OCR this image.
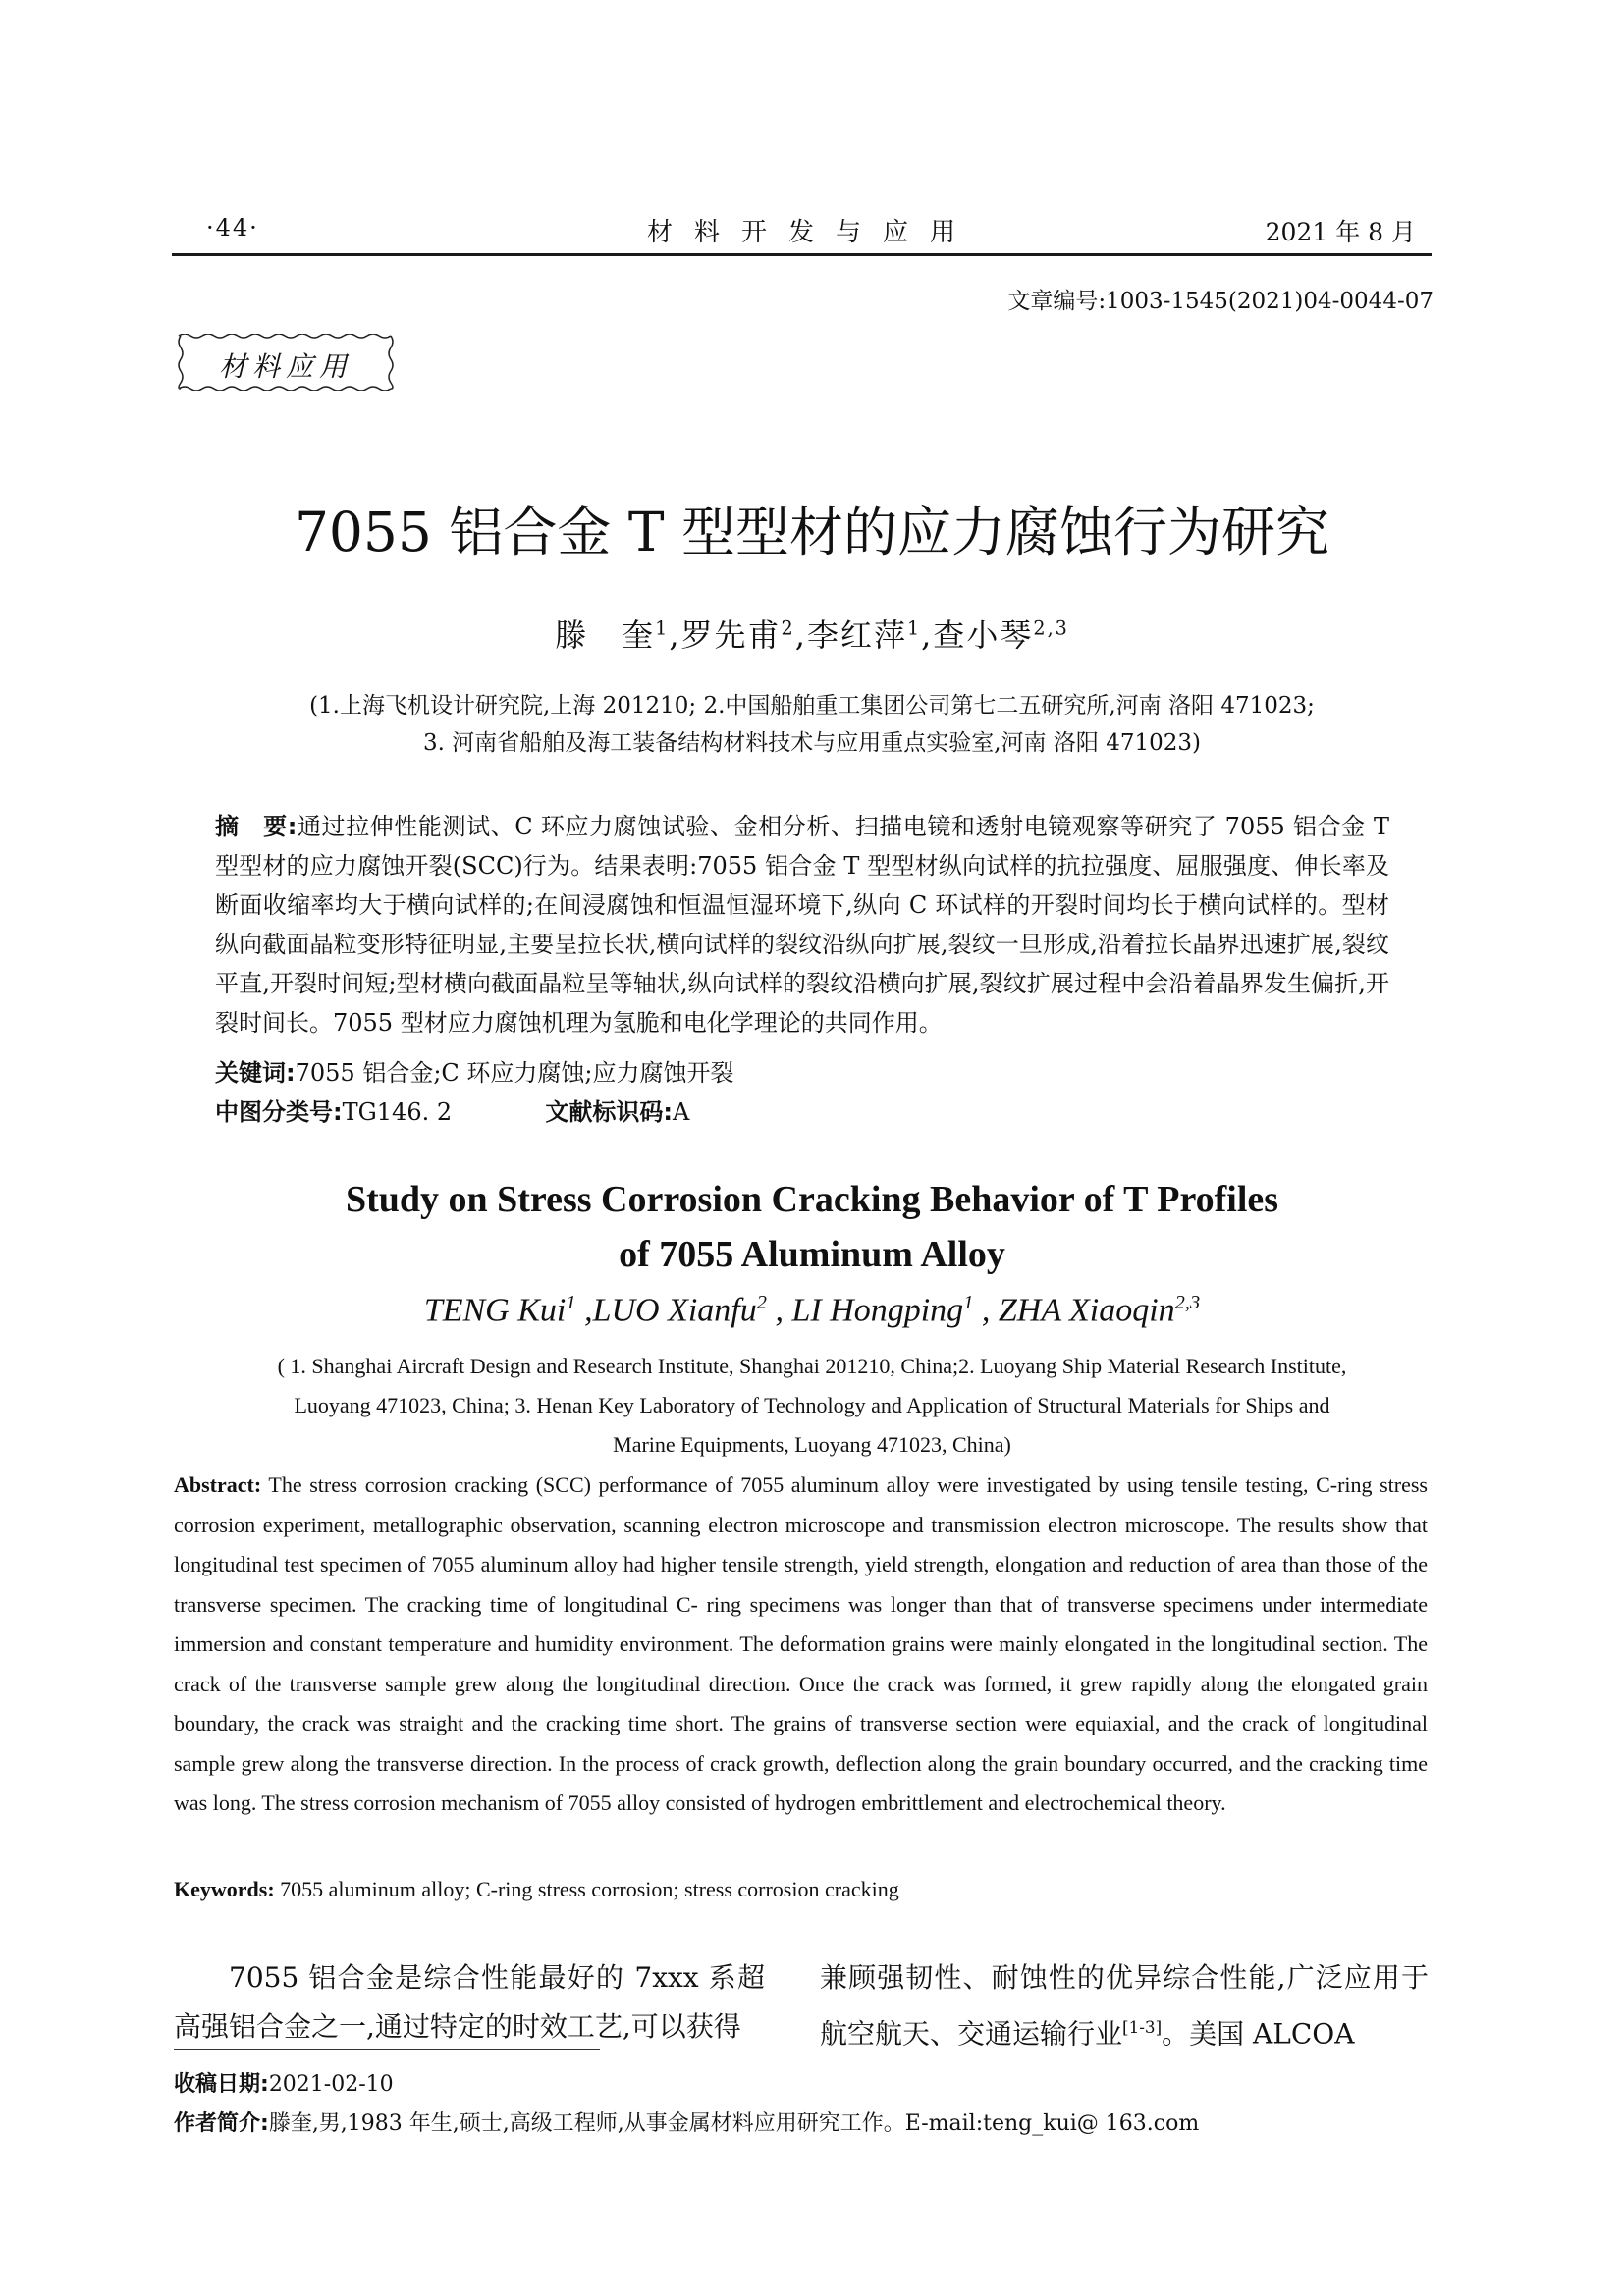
·44·	材料开发与应用	2021 年 8 月
文章编号:1003-1545(2021)04-0044-07
材料应用
7055 铝合金 T 型型材的应力腐蚀行为研究
滕　奎$^1$,罗先甫$^2$,李红萍$^1$,查小琴$^{2,3}$
(1.上海飞机设计研究院,上海 201210; 2.中国船舶重工集团公司第七二五研究所,河南 洛阳 471023;
3. 河南省船舶及海工装备结构材料技术与应用重点实验室,河南 洛阳 471023)
摘　要:通过拉伸性能测试、C 环应力腐蚀试验、金相分析、扫描电镜和透射电镜观察等研究了 7055 铝合金 T 型型材的应力腐蚀开裂(SCC)行为。结果表明:7055 铝合金 T 型型材纵向试样的抗拉强度、屈服强度、伸长率及断面收缩率均大于横向试样的;在间浸腐蚀和恒温恒湿环境下,纵向 C 环试样的开裂时间均长于横向试样的。型材纵向截面晶粒变形特征明显,主要呈拉长状,横向试样的裂纹沿纵向扩展,裂纹一旦形成,沿着拉长晶界迅速扩展,裂纹平直,开裂时间短;型材横向截面晶粒呈等轴状,纵向试样的裂纹沿横向扩展,裂纹扩展过程中会沿着晶界发生偏折,开裂时间长。7055 型材应力腐蚀机理为氢脆和电化学理论的共同作用。
关键词:7055 铝合金;C 环应力腐蚀;应力腐蚀开裂
中图分类号:TG146. 2	文献标识码:A
Study on Stress Corrosion Cracking Behavior of T Profiles
of 7055 Aluminum Alloy
TENG Kui$^1$ ,LUO Xianfu$^2$ , LI Hongping$^1$ , ZHA Xiaoqin$^{2,3}$
( 1. Shanghai Aircraft Design and Research Institute, Shanghai 201210, China;2. Luoyang Ship Material Research Institute,
Luoyang 471023, China; 3. Henan Key Laboratory of Technology and Application of Structural Materials for Ships and
Marine Equipments, Luoyang 471023, China)
Abstract: The stress corrosion cracking (SCC) performance of 7055 aluminum alloy were investigated by using tensile testing, C-ring stress corrosion experiment, metallographic observation, scanning electron microscope and transmission electron microscope. The results show that longitudinal test specimen of 7055 aluminum alloy had higher tensile strength, yield strength, elongation and reduction of area than those of the transverse specimen. The cracking time of longitudinal C- ring specimens was longer than that of transverse specimens under intermediate immersion and constant temperature and humidity environment. The deformation grains were mainly elongated in the longitudinal section. The crack of the transverse sample grew along the longitudinal direction. Once the crack was formed, it grew rapidly along the elongated grain boundary, the crack was straight and the cracking time short. The grains of transverse section were equiaxial, and the crack of longitudinal sample grew along the transverse direction. In the process of crack growth, deflection along the grain boundary occurred, and the cracking time was long. The stress corrosion mechanism of 7055 alloy consisted of hydrogen embrittlement and electrochemical theory.
Keywords: 7055 aluminum alloy; C-ring stress corrosion; stress corrosion cracking
7055 铝合金是综合性能最好的 7xxx 系超高强铝合金之一,通过特定的时效工艺,可以获得
兼顾强韧性、耐蚀性的优异综合性能,广泛应用于航空航天、交通运输行业[1-3]。美国 ALCOA
收稿日期:2021-02-10
作者简介:滕奎,男,1983 年生,硕士,高级工程师,从事金属材料应用研究工作。E-mail:teng_kui@ 163.com
